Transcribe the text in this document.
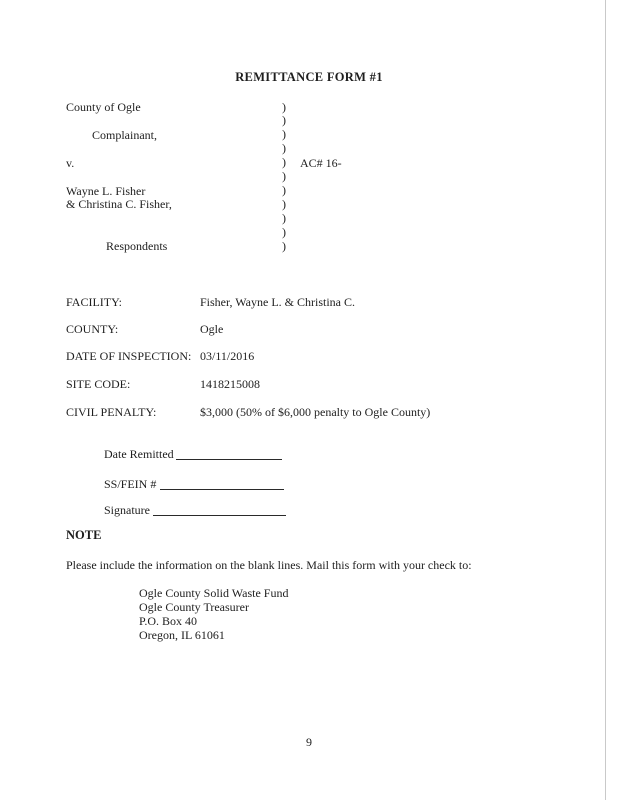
REMITTANCE FORM #1
County of Ogle
Complainant,
v.
Wayne L. Fisher
& Christina C. Fisher,
Respondents
AC# 16-
)
)
)
)
)
)
)
)
)
)
)
FACILITY:	Fisher, Wayne L. & Christina C.
COUNTY:	Ogle
DATE OF INSPECTION: 03/11/2016
SITE CODE:	1418215008
CIVIL PENALTY:	$3,000 (50% of $6,000 penalty to Ogle County)
Date Remitted
SS/FEIN #
Signature
NOTE
Please include the information on the blank lines. Mail this form with your check to:
Ogle County Solid Waste Fund
Ogle County Treasurer
P.O. Box 40
Oregon, IL 61061
9
